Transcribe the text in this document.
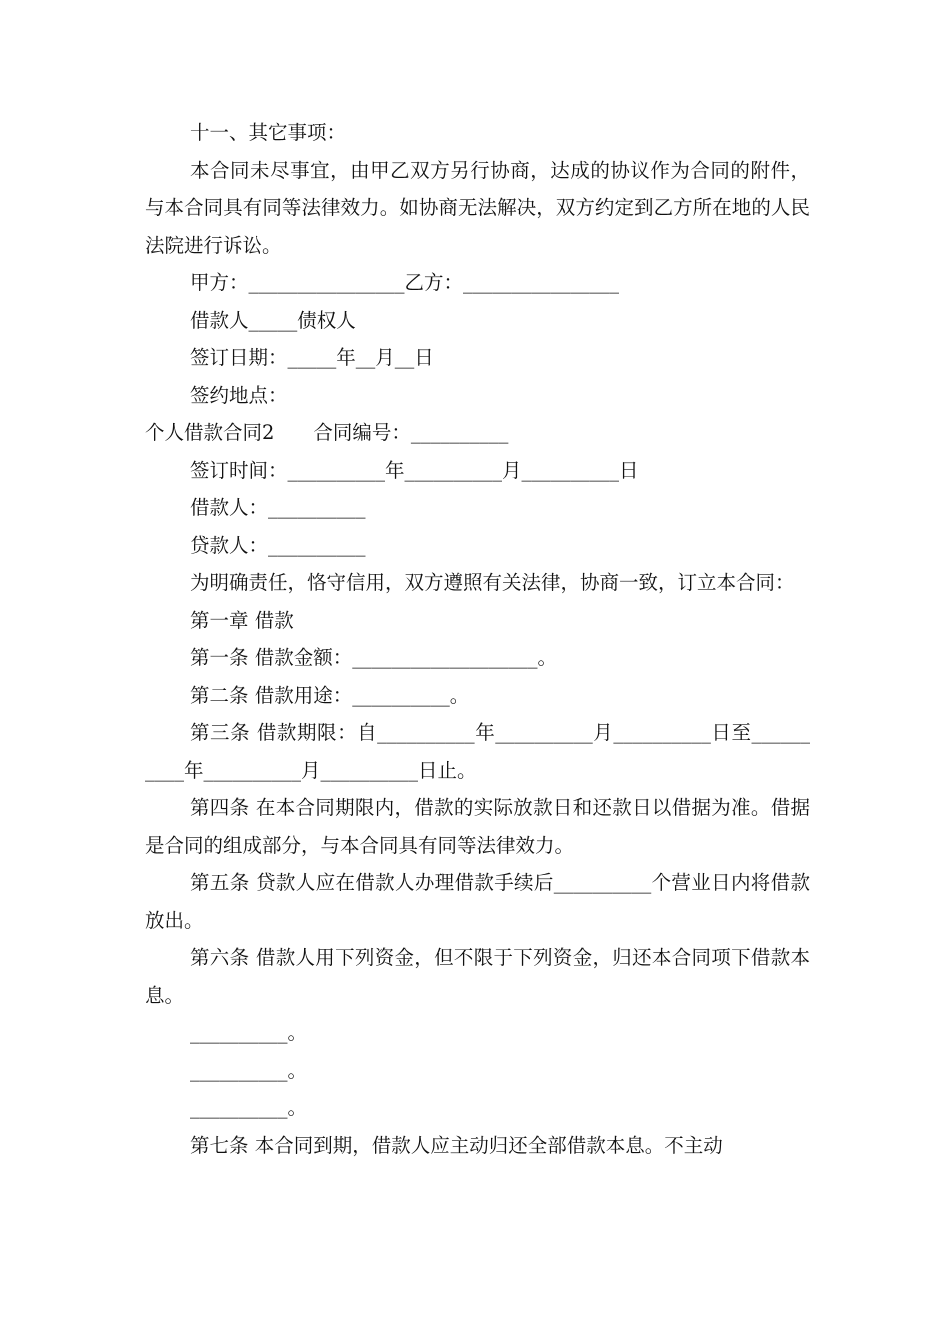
十一、其它事项：

本合同未尽事宜，由甲乙双方另行协商，达成的协议作为合同的附件，与本合同具有同等法律效力。如协商无法解决，双方约定到乙方所在地的人民法院进行诉讼。

甲方：________________乙方：________________

借款人_____债权人

签订日期：_____年__月__日

签约地点：

个人借款合同2　　合同编号：__________

签订时间：__________年__________月__________日

借款人：__________

贷款人：__________

为明确责任，恪守信用，双方遵照有关法律，协商一致，订立本合同：

第一章 借款

第一条 借款金额：___________________。

第二条 借款用途：__________。

第三条 借款期限：自__________年__________月__________日至__________年__________月__________日止。

第四条 在本合同期限内，借款的实际放款日和还款日以借据为准。借据是合同的组成部分，与本合同具有同等法律效力。

第五条 贷款人应在借款人办理借款手续后__________个营业日内将借款放出。

第六条 借款人用下列资金，但不限于下列资金，归还本合同项下借款本息。

__________。

__________。

__________。

第七条 本合同到期，借款人应主动归还全部借款本息。不主动
